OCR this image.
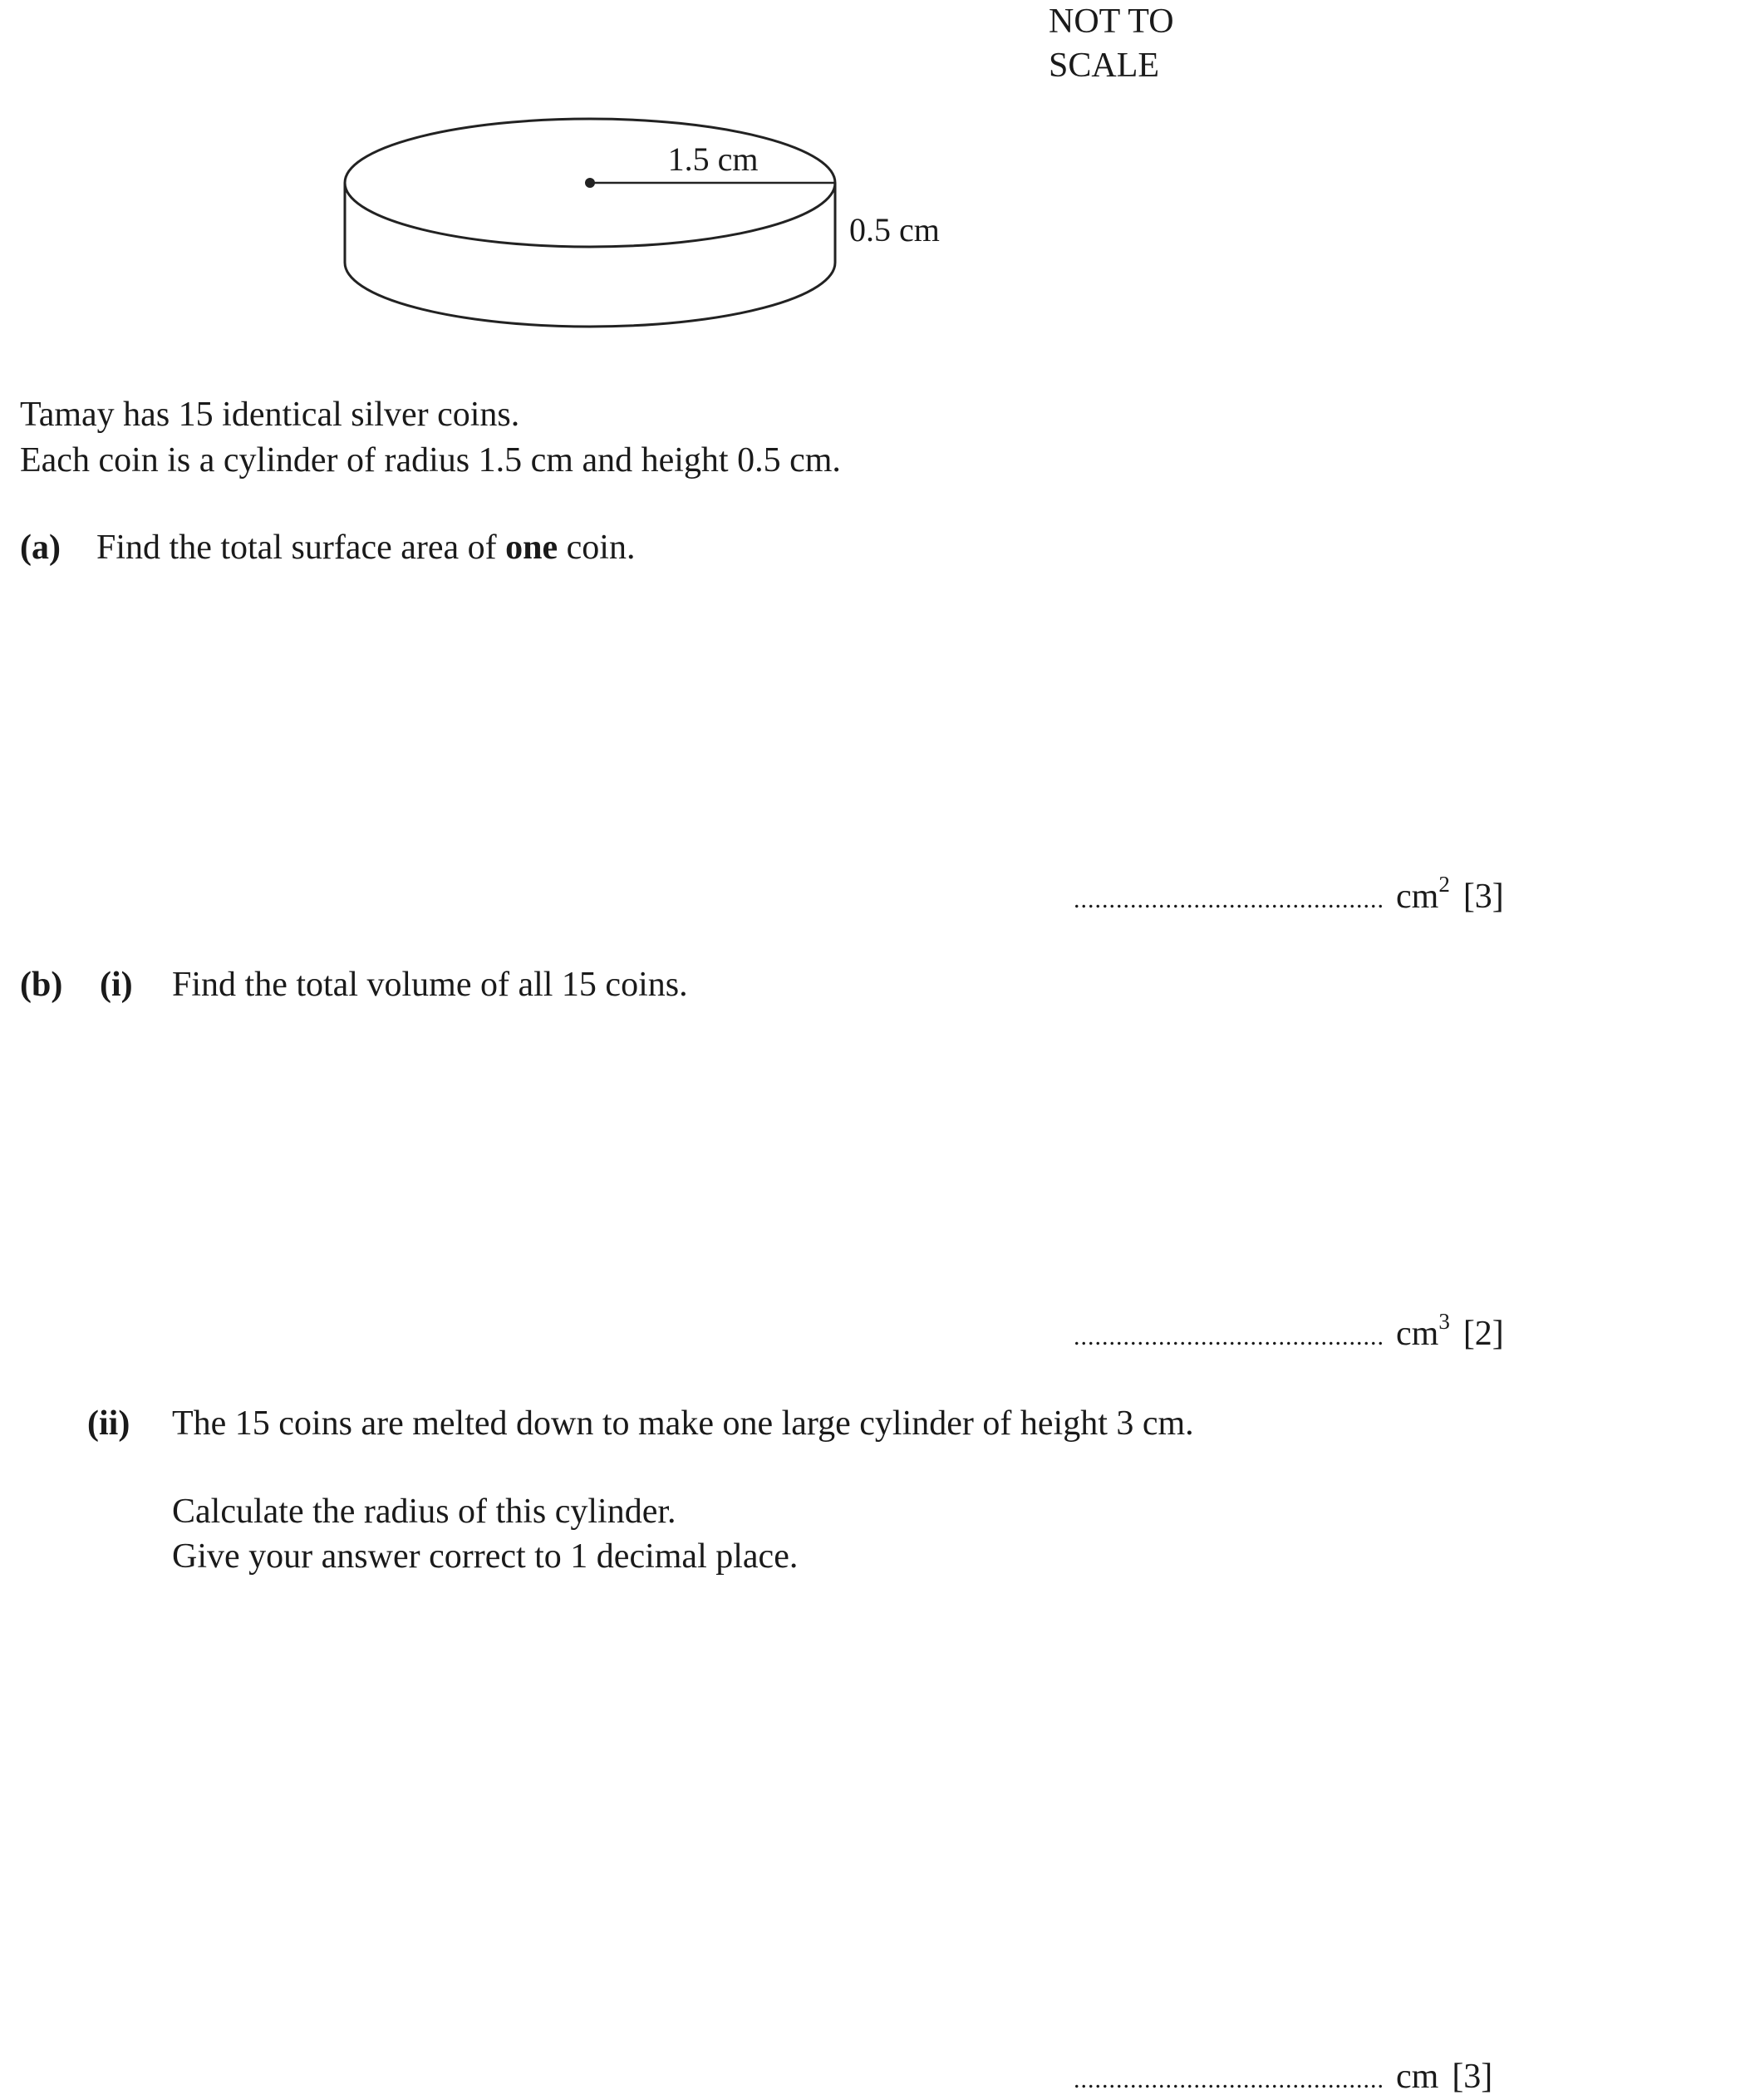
NOT TO
SCALE
1.5 cm
0.5 cm
Tamay has 15 identical silver coins.
Each coin is a cylinder of radius 1.5 cm and height 0.5 cm.
(a) Find the total surface area of one coin.
............................................ $cm^2$ [3]
(b) (i) Find the total volume of all 15 coins.
............................................ $cm^3$ [2]
(ii) The 15 coins are melted down to make one large cylinder of height 3 cm.
Calculate the radius of this cylinder.
Give your answer correct to 1 decimal place.
............................................ cm [3]
